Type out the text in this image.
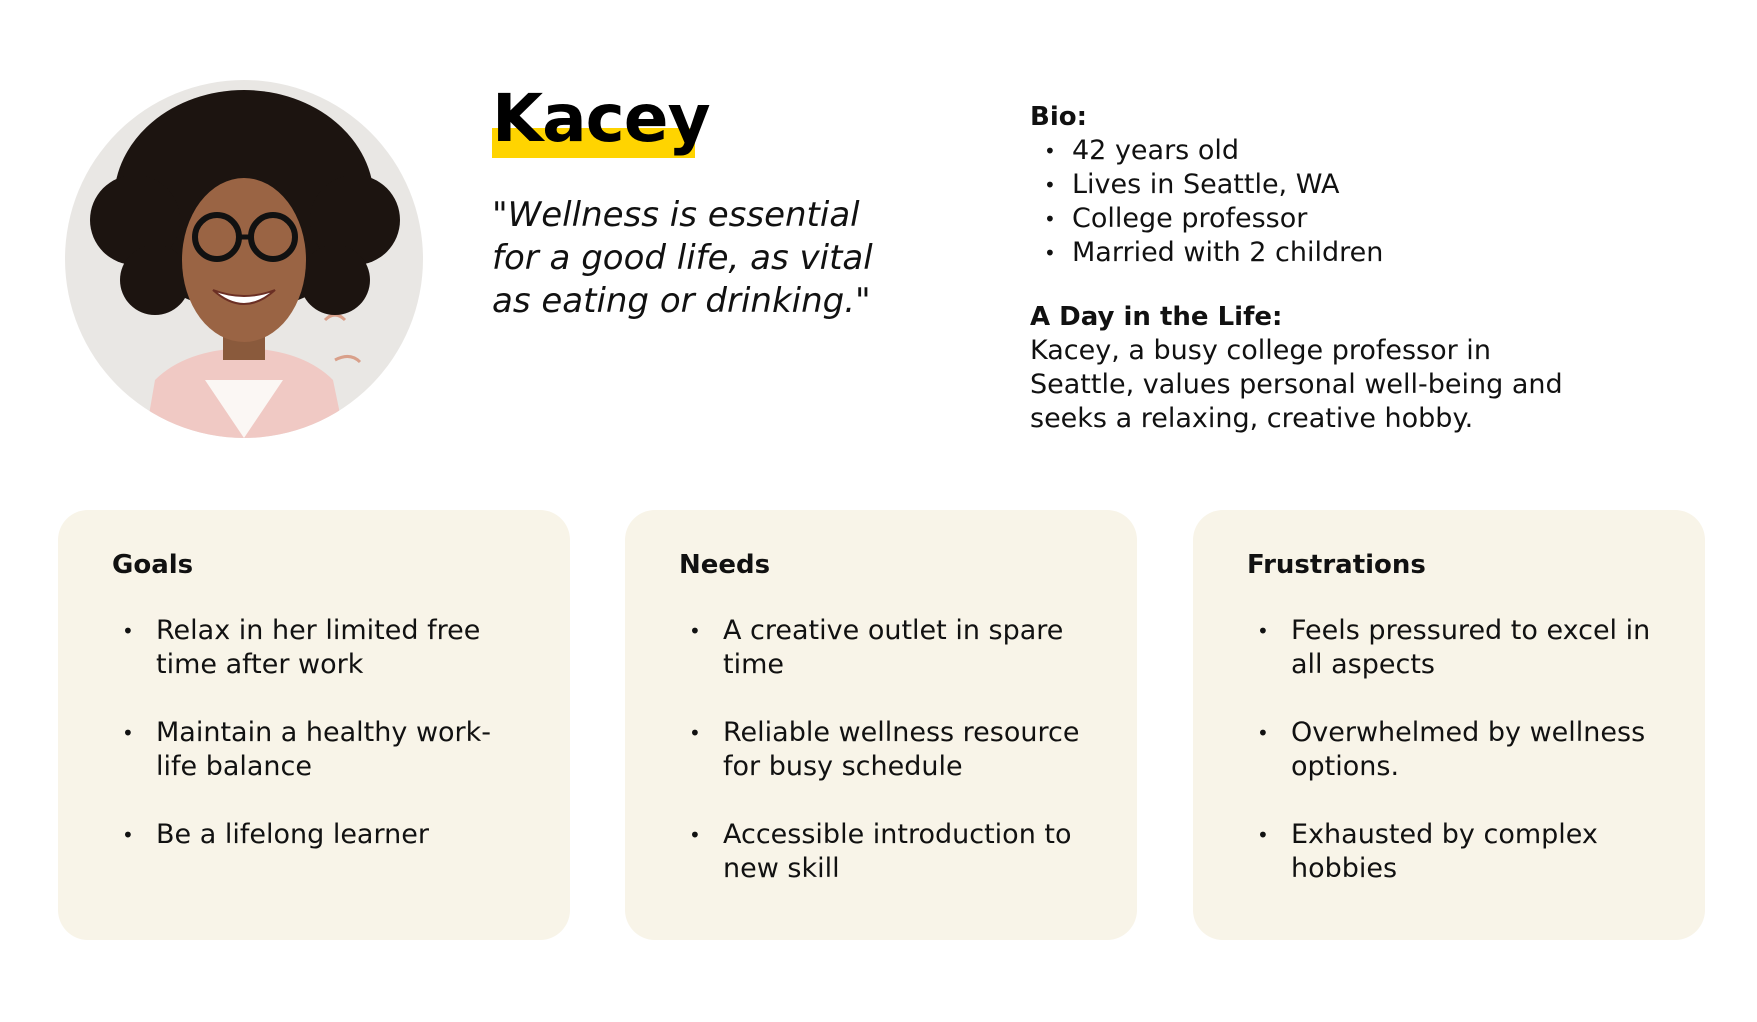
Kacey
"Wellness is essential for a good life, as vital as eating or drinking."
Bio:
• 42 years old
• Lives in Seattle, WA
• College professor
• Married with 2 children
A Day in the Life:

Kacey, a busy college professor in Seattle, values personal well-being and seeks a relaxing, creative hobby.

Goals
• Relax in her limited free time after work
• Maintain a healthy work-life balance
• Be a lifelong learner
Needs
• A creative outlet in spare time
• Reliable wellness resource for busy schedule
• Accessible introduction to new skill
Frustrations
• Feels pressured to excel in all aspects
• Overwhelmed by wellness options.
• Exhausted by complex hobbies
